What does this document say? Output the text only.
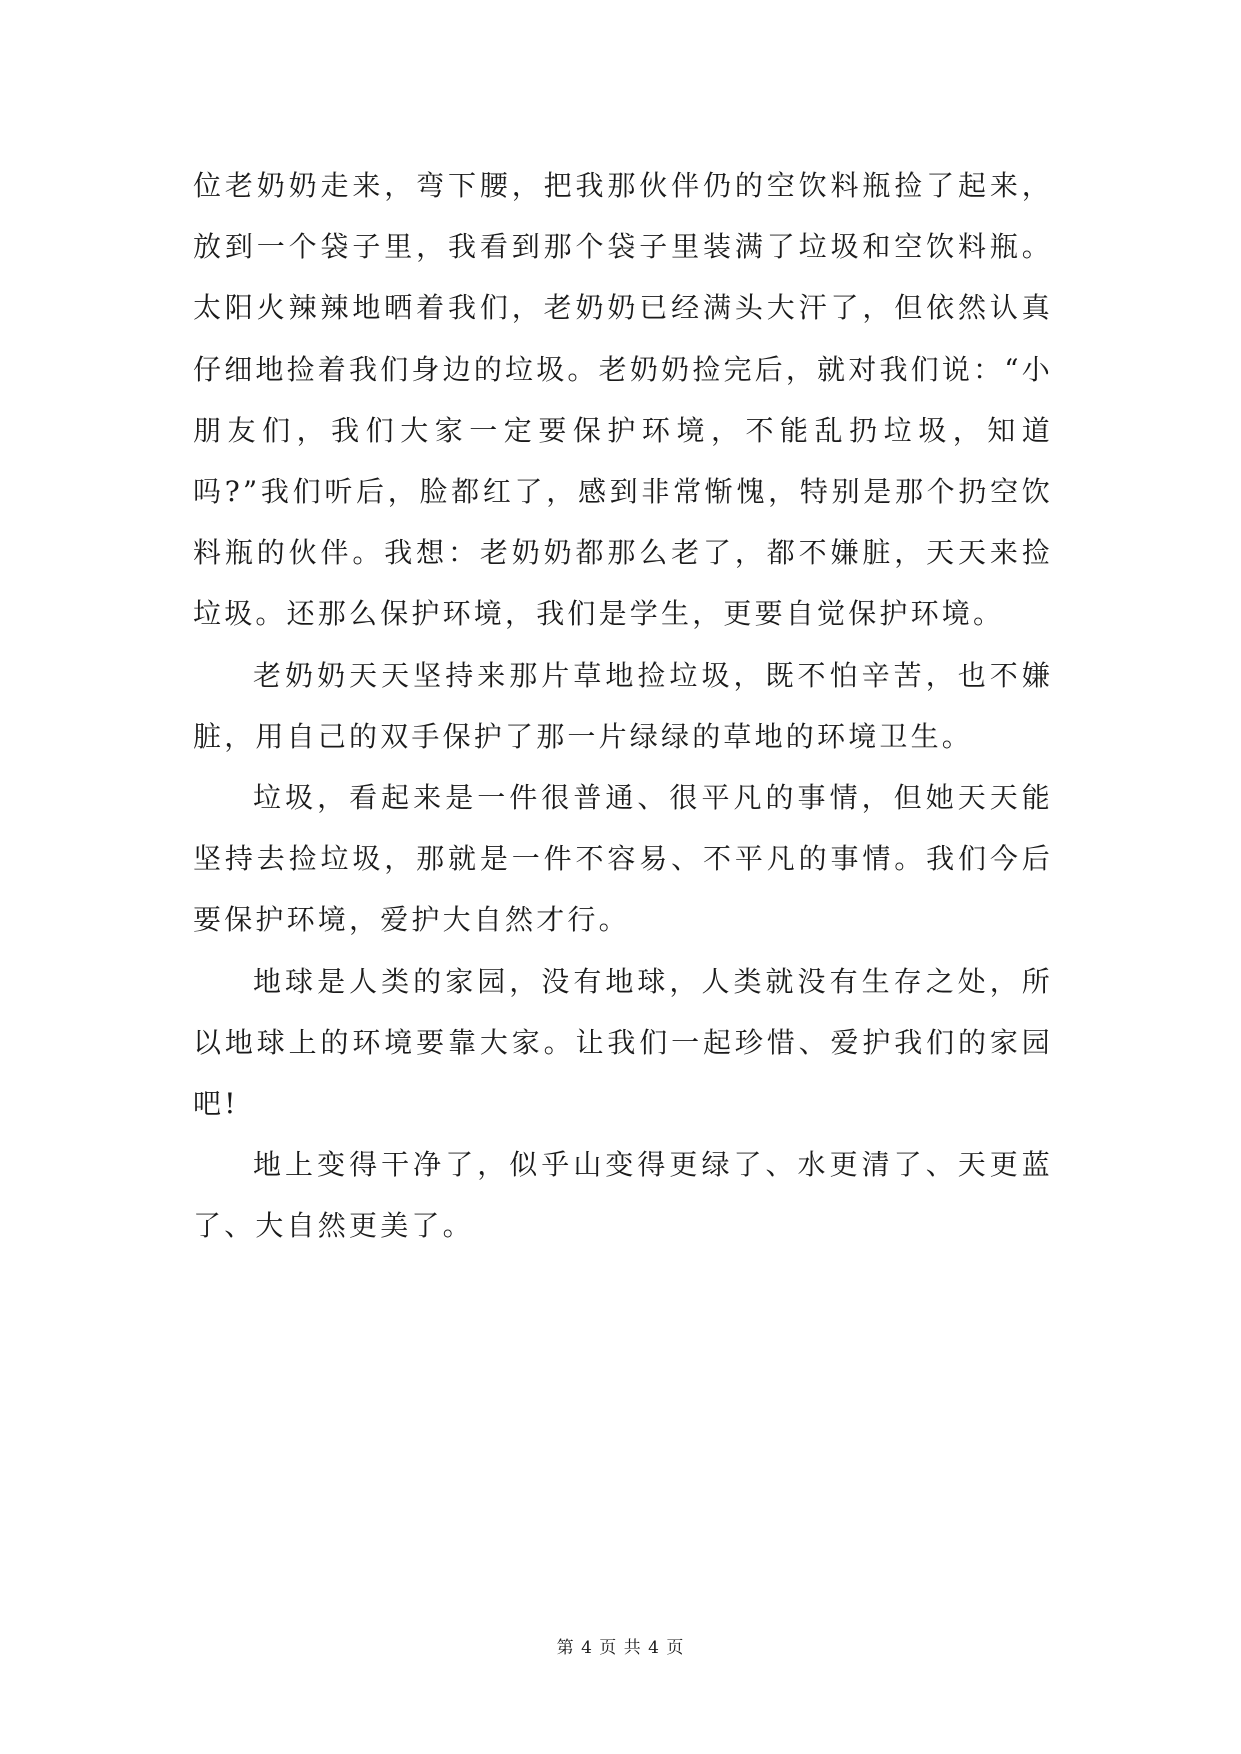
位老奶奶走来，弯下腰，把我那伙伴仍的空饮料瓶捡了起来，放到一个袋子里，我看到那个袋子里装满了垃圾和空饮料瓶。太阳火辣辣地晒着我们，老奶奶已经满头大汗了，但依然认真仔细地捡着我们身边的垃圾。老奶奶捡完后，就对我们说：“小朋友们，我们大家一定要保护环境，不能乱扔垃圾，知道吗?”我们听后，脸都红了，感到非常惭愧，特别是那个扔空饮料瓶的伙伴。我想：老奶奶都那么老了，都不嫌脏，天天来捡垃圾。还那么保护环境，我们是学生，更要自觉保护环境。

老奶奶天天坚持来那片草地捡垃圾，既不怕辛苦，也不嫌脏，用自己的双手保护了那一片绿绿的草地的环境卫生。

垃圾，看起来是一件很普通、很平凡的事情，但她天天能坚持去捡垃圾，那就是一件不容易、不平凡的事情。我们今后要保护环境，爱护大自然才行。

地球是人类的家园，没有地球，人类就没有生存之处，所以地球上的环境要靠大家。让我们一起珍惜、爱护我们的家园吧!

地上变得干净了，似乎山变得更绿了、水更清了、天更蓝了、大自然更美了。

第 4 页 共 4 页
